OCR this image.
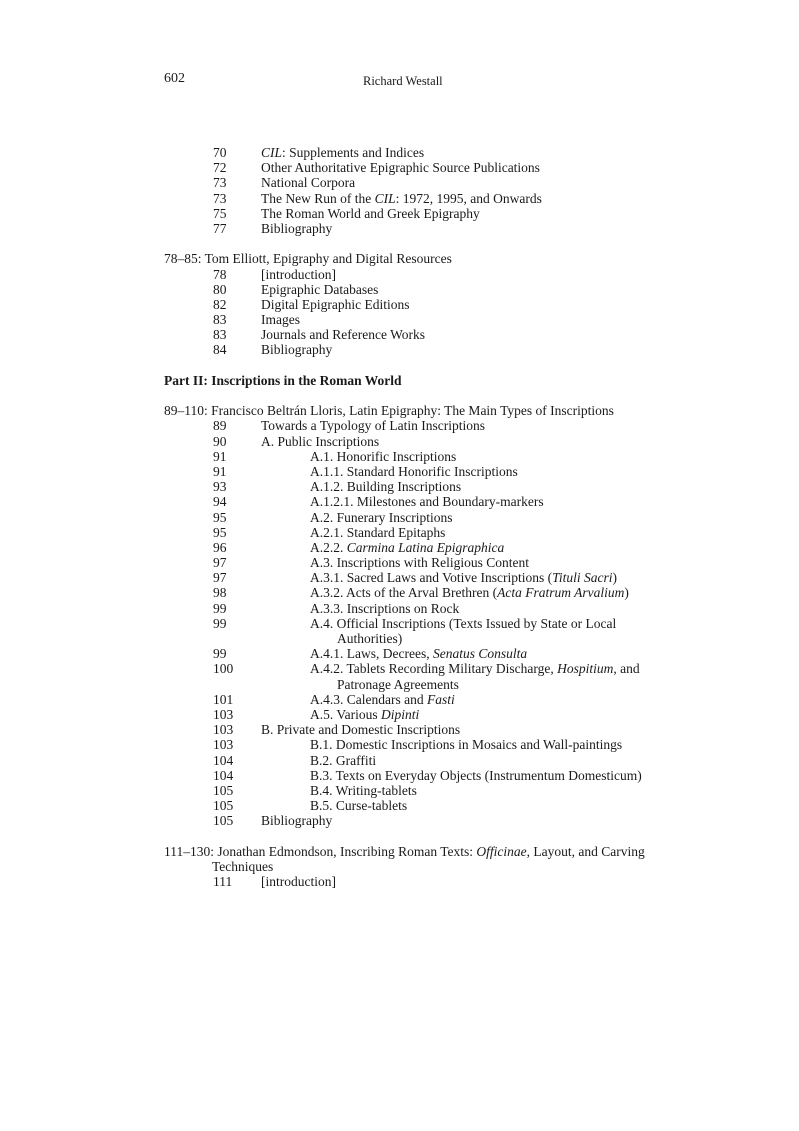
602	Richard Westall
70	CIL: Supplements and Indices
72	Other Authoritative Epigraphic Source Publications
73	National Corpora
73	The New Run of the CIL: 1972, 1995, and Onwards
75	The Roman World and Greek Epigraphy
77	Bibliography
78–85: Tom Elliott, Epigraphy and Digital Resources
78	[introduction]
80	Epigraphic Databases
82	Digital Epigraphic Editions
83	Images
83	Journals and Reference Works
84	Bibliography
Part II: Inscriptions in the Roman World
89–110: Francisco Beltrán Lloris, Latin Epigraphy: The Main Types of Inscriptions
89	Towards a Typology of Latin Inscriptions
90	A. Public Inscriptions
91	A.1. Honorific Inscriptions
91	A.1.1. Standard Honorific Inscriptions
93	A.1.2. Building Inscriptions
94	A.1.2.1. Milestones and Boundary-markers
95	A.2. Funerary Inscriptions
95	A.2.1. Standard Epitaphs
96	A.2.2. Carmina Latina Epigraphica
97	A.3. Inscriptions with Religious Content
97	A.3.1. Sacred Laws and Votive Inscriptions (Tituli Sacri)
98	A.3.2. Acts of the Arval Brethren (Acta Fratrum Arvalium)
99	A.3.3. Inscriptions on Rock
99	A.4. Official Inscriptions (Texts Issued by State or Local Authorities)
99	A.4.1. Laws, Decrees, Senatus Consulta
100	A.4.2. Tablets Recording Military Discharge, Hospitium, and Patronage Agreements
101	A.4.3. Calendars and Fasti
103	A.5. Various Dipinti
103 B. Private and Domestic Inscriptions
103	B.1. Domestic Inscriptions in Mosaics and Wall-paintings
104	B.2. Graffiti
104	B.3. Texts on Everyday Objects (Instrumentum Domesticum)
105	B.4. Writing-tablets
105	B.5. Curse-tablets
105 Bibliography
111–130: Jonathan Edmondson, Inscribing Roman Texts: Officinae, Layout, and Carving Techniques
111 [introduction]
